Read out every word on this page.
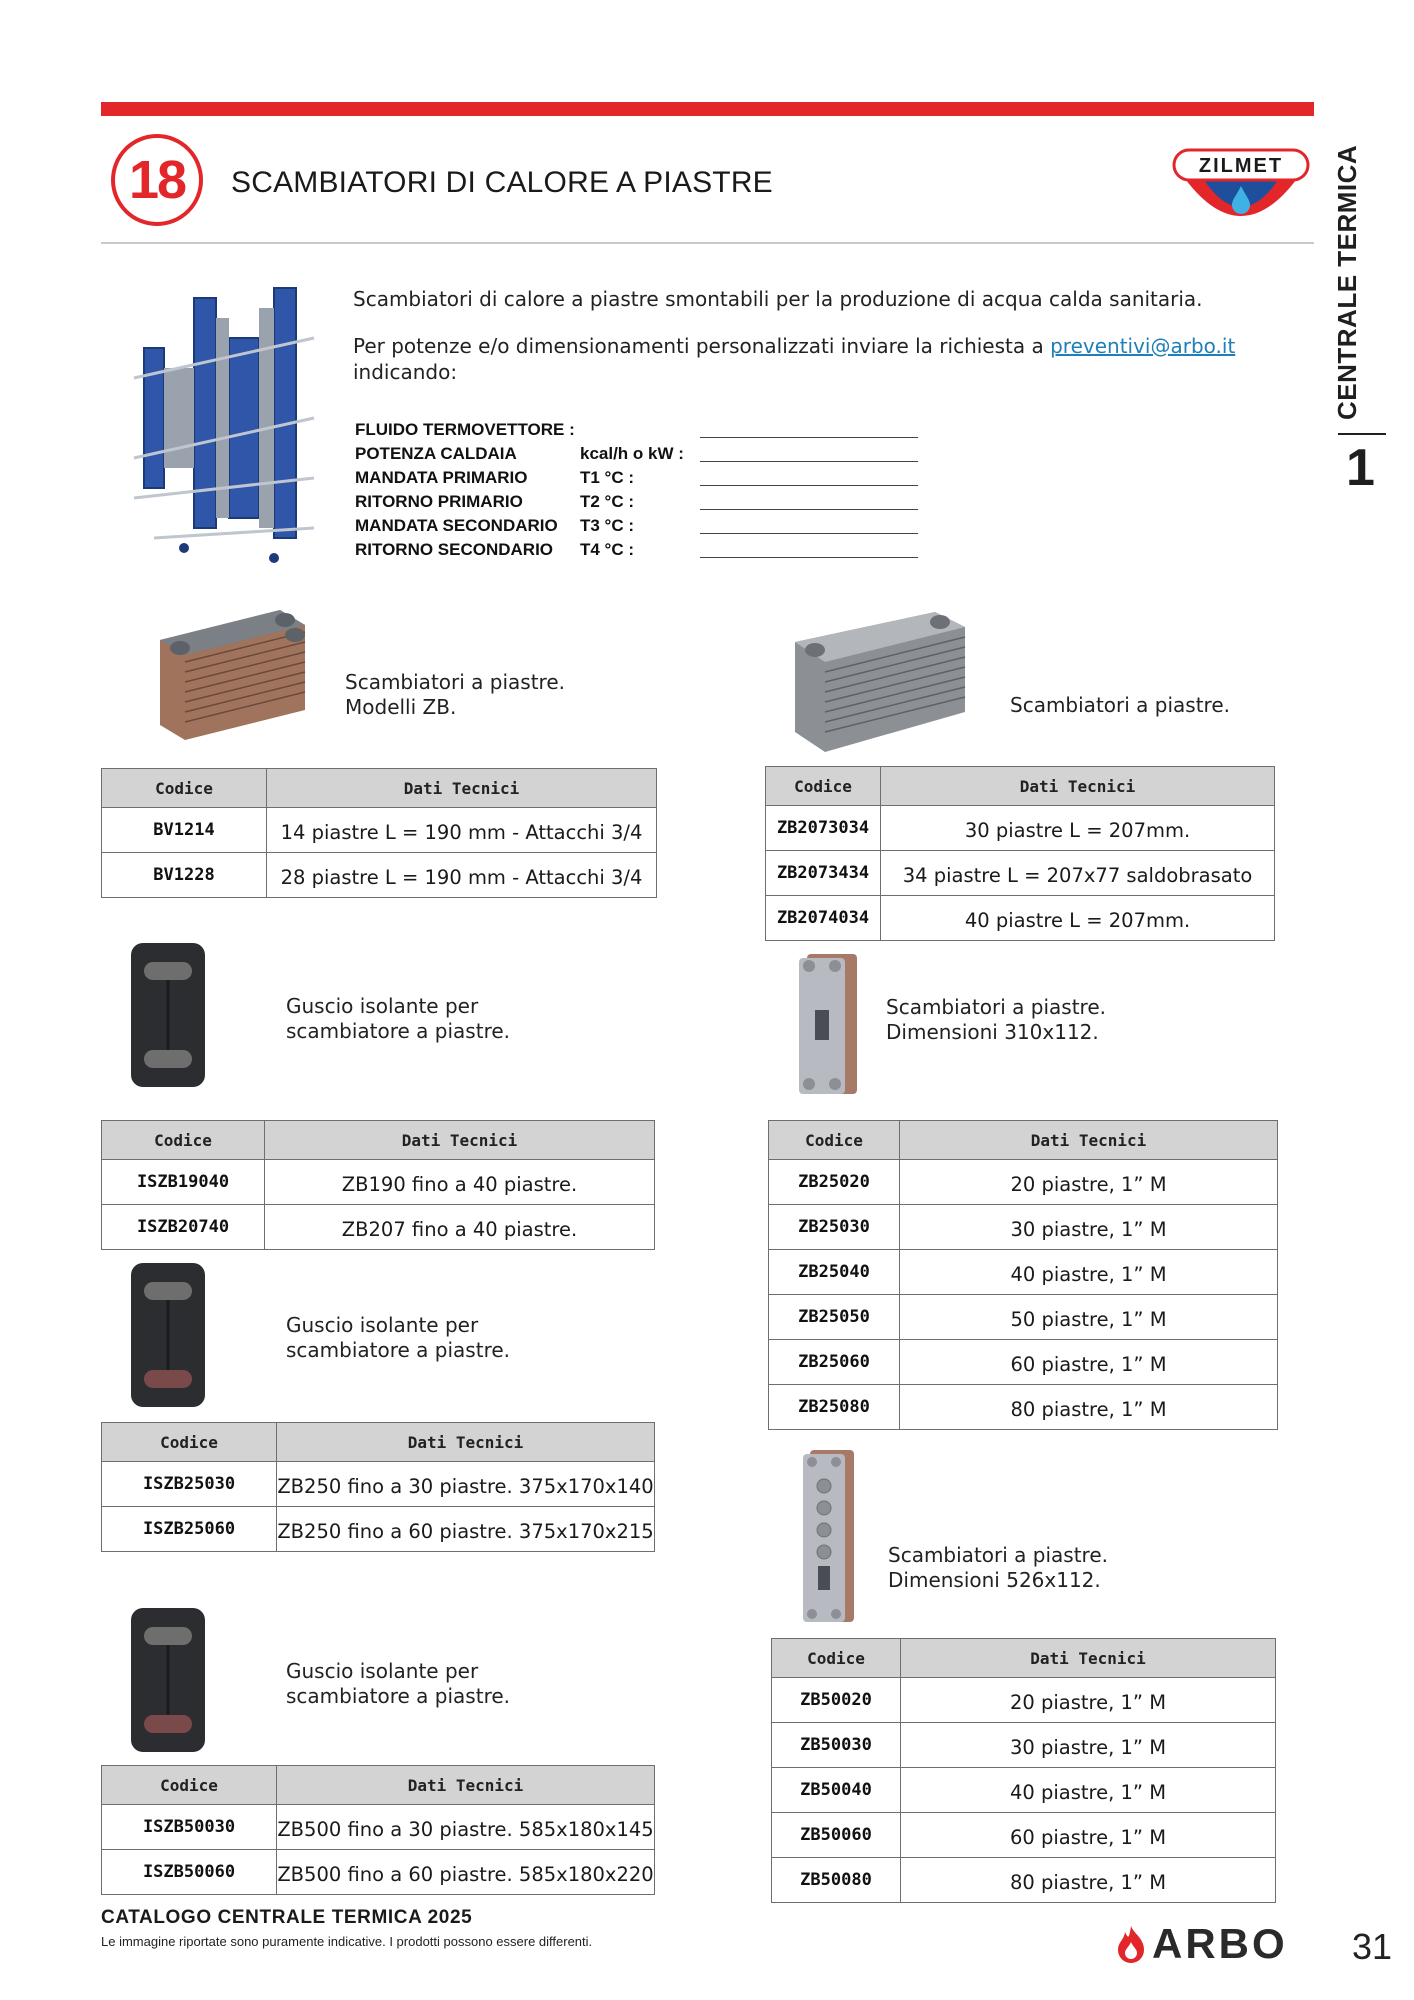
18	SCAMBIATORI DI CALORE A PIASTRE	ZILMET CENTRALE TERMICA
1
Scambiatori di calore a piastre smontabili per la produzione di acqua calda sanitaria.
Per potenze e/o dimensionamenti personalizzati inviare la richiesta a preventivi@arbo.it
indicando:
FLUIDO TERMOVETTORE :
POTENZA CALDAIA	kcal/h o kW :
MANDATA PRIMARIO	T1 °C :
RITORNO PRIMARIO	T2 °C :
MANDATA SECONDARIO T3 °C :
RITORNO SECONDARIO T4 °C :
Scambiatori a piastre.
Modelli ZB.
Codice	Dati Tecnici
BV1214	14 piastre L = 190 mm - Attacchi 3/4
BV1228	28 piastre L = 190 mm - Attacchi 3/4
Scambiatori a piastre.
Codice	Dati Tecnici
ZB2073034	30 piastre L = 207mm.
ZB2073434	34 piastre L = 207x77 saldobrasato
ZB2074034	40 piastre L = 207mm.
Guscio isolante per
scambiatore a piastre.
Codice	Dati Tecnici
ISZB19040	ZB190 fino a 40 piastre.
ISZB20740	ZB207 fino a 40 piastre.
Scambiatori a piastre.
Dimensioni 310x112.
Codice	Dati Tecnici
ZB25020	20 piastre, 1” M
ZB25030	30 piastre, 1” M
ZB25040	40 piastre, 1” M
ZB25050	50 piastre, 1” M
ZB25060	60 piastre, 1” M
ZB25080	80 piastre, 1” M
Guscio isolante per
scambiatore a piastre.
Codice	Dati Tecnici
ISZB25030	ZB250 fino a 30 piastre. 375x170x140
ISZB25060	ZB250 fino a 60 piastre. 375x170x215
Scambiatori a piastre.
Dimensioni 526x112.
Codice	Dati Tecnici
ZB50020	20 piastre, 1” M
ZB50030	30 piastre, 1” M
ZB50040	40 piastre, 1” M
ZB50060	60 piastre, 1” M
ZB50080	80 piastre, 1” M
Guscio isolante per
scambiatore a piastre.
Codice	Dati Tecnici
ISZB50030	ZB500 fino a 30 piastre. 585x180x145
ISZB50060	ZB500 fino a 60 piastre. 585x180x220
CATALOGO CENTRALE TERMICA 2025
Le immagine riportate sono puramente indicative. I prodotti possono essere differenti.	ARBO 31
